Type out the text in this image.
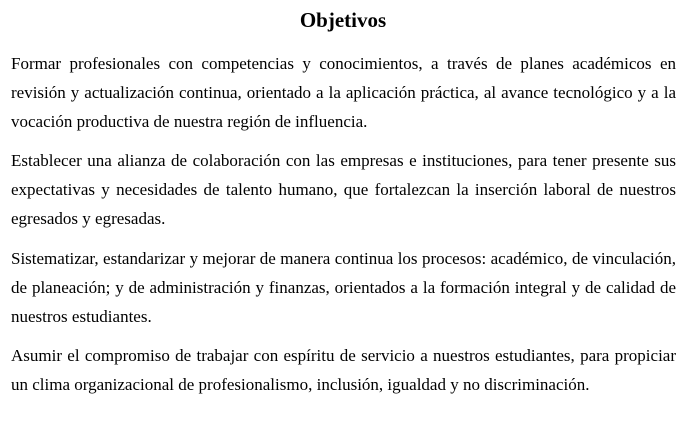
Objetivos

Formar profesionales con competencias y conocimientos, a través de planes académicos en revisión y actualización continua, orientado a la aplicación práctica, al avance tecnológico y a la vocación productiva de nuestra región de influencia.

Establecer una alianza de colaboración con las empresas e instituciones, para tener presente sus expectativas y necesidades de talento humano, que fortalezcan la inserción laboral de nuestros egresados y egresadas.

Sistematizar, estandarizar y mejorar de manera continua los procesos: académico, de vinculación, de planeación; y de administración y finanzas, orientados a la formación integral y de calidad de nuestros estudiantes.

Asumir el compromiso de trabajar con espíritu de servicio a nuestros estudiantes, para propiciar un clima organizacional de profesionalismo, inclusión, igualdad y no discriminación.
